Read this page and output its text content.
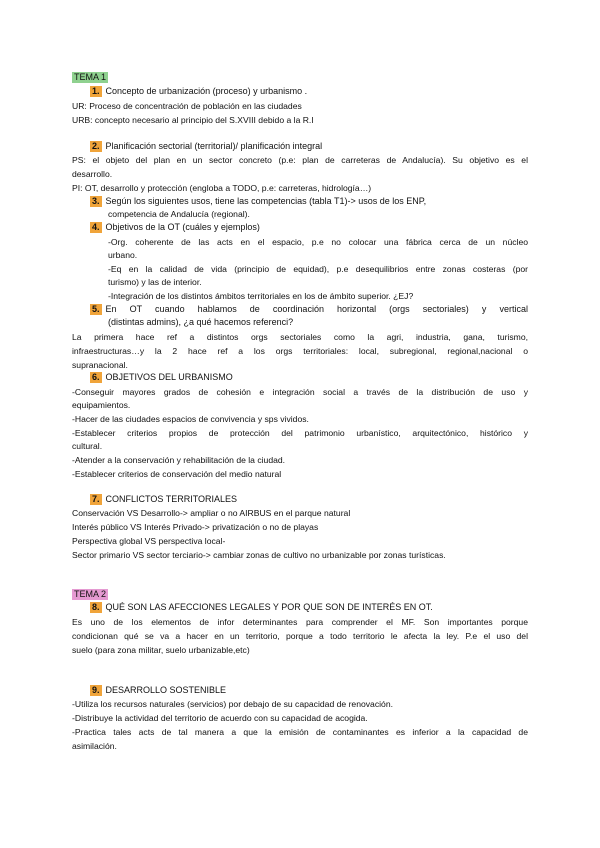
TEMA 1
1. Concepto de urbanización (proceso) y urbanismo .
UR: Proceso de concentración de población en las ciudades
URB: concepto necesario al principio del S.XVIII debido a la R.I
2. Planificación sectorial (territorial)/ planificación integral
PS: el objeto del plan en un sector concreto (p.e: plan de carreteras de Andalucía). Su objetivo es el
desarrollo.
PI: OT, desarrollo y protección (engloba a TODO, p.e: carreteras, hidrología…)
3. Según los siguientes usos, tiene las competencias (tabla T1)-> usos de los ENP,
competencia de Andalucía (regional).
4. Objetivos de la OT (cuáles y ejemplos)
-Org. coherente de las acts en el espacio, p.e no colocar una fábrica cerca de un núcleo
urbano.
-Eq en la calidad de vida (principio de equidad), p.e desequilibrios entre zonas costeras (por
turismo) y las de interior.
-Integración de los distintos ámbitos territoriales en los de ámbito superior. ¿EJ?
5. En OT cuando hablamos de coordinación horizontal (orgs sectoriales) y vertical
(distintas admins), ¿a qué hacemos referenci?
La primera hace ref a distintos orgs sectoriales como la agri, industria, gana, turismo,
infraestructuras…y la 2 hace ref a los orgs territoriales: local, subregional, regional,nacional o
supranacional.
6. OBJETIVOS DEL URBANISMO
-Conseguir mayores grados de cohesión e integración social a través de la distribución de uso y
equipamientos.
-Hacer de las ciudades espacios de convivencia y sps vividos.
-Establecer criterios propios de protección del patrimonio urbanístico, arquitectónico, histórico y
cultural.
-Atender a la conservación y rehabilitación de la ciudad.
-Establecer criterios de conservación del medio natural
7. CONFLICTOS TERRITORIALES
Conservación VS Desarrollo-> ampliar o no AIRBUS en el parque natural
Interés público VS Interés Privado-> privatización o no de playas
Perspectiva global VS perspectiva local-
Sector primario VS sector terciario-> cambiar zonas de cultivo no urbanizable por zonas turísticas.
TEMA 2
8. QUÉ SON LAS AFECCIONES LEGALES Y POR QUE SON DE INTERÉS EN OT.
Es uno de los elementos de infor determinantes para comprender el MF. Son importantes porque
condicionan qué se va a hacer en un territorio, porque a todo territorio le afecta la ley. P.e el uso del
suelo (para zona militar, suelo urbanizable,etc)
9. DESARROLLO SOSTENIBLE
-Utiliza los recursos naturales (servicios) por debajo de su capacidad de renovación.
-Distribuye la actividad del territorio de acuerdo con su capacidad de acogida.
-Practica tales acts de tal manera a que la emisión de contaminantes es inferior a la capacidad de
asimilación.
